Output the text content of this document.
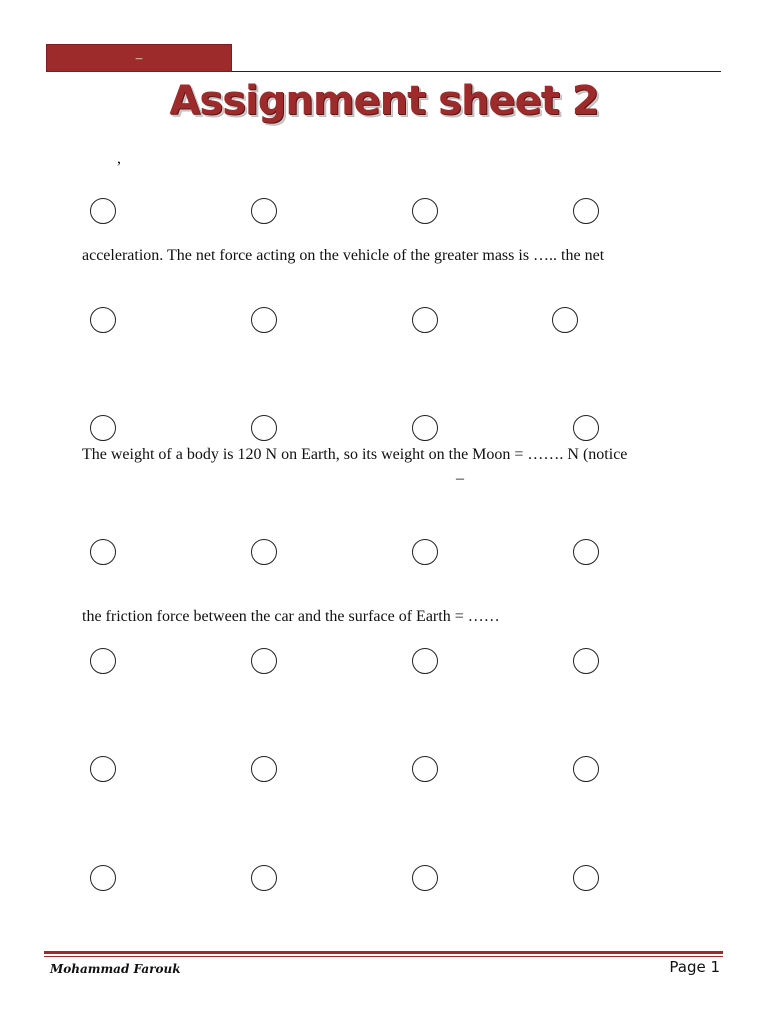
–
Assignment sheet 2
,
acceleration. The net force acting on the vehicle of the greater mass is ….. the net
The weight of a body is 120 N on Earth, so its weight on the Moon = ……. N (notice
–
the friction force between the car and the surface of Earth = ……
Mohammad Farouk	Page 1
